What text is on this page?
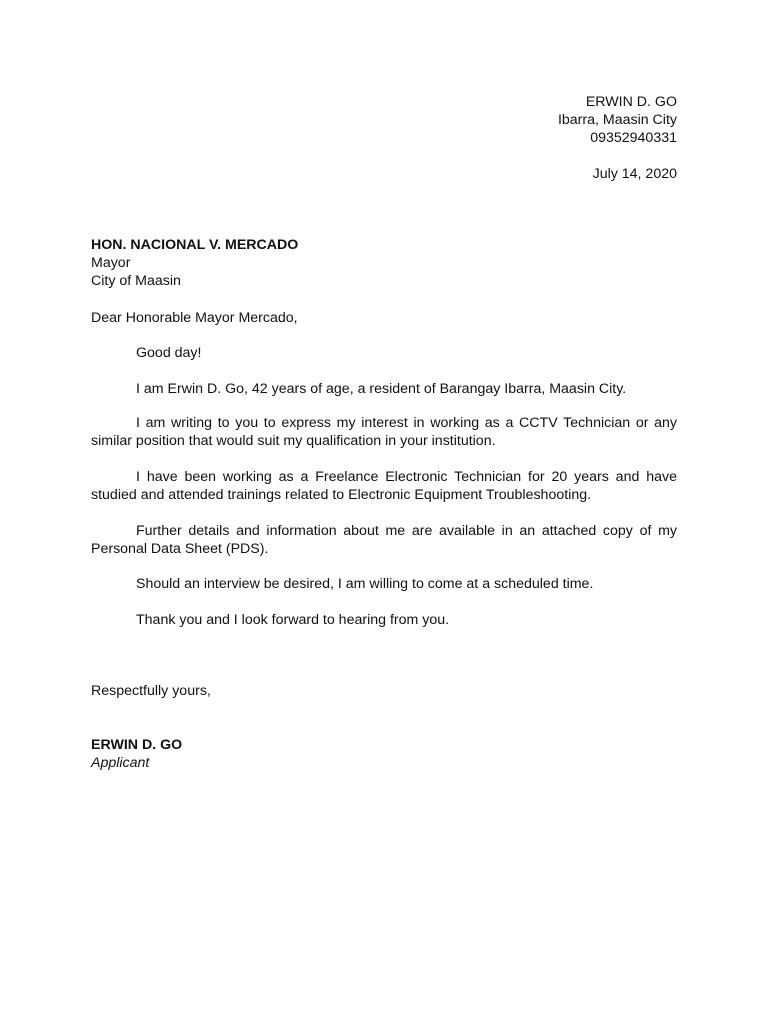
ERWIN D. GO
Ibarra, Maasin City
09352940331
July 14, 2020
HON. NACIONAL V. MERCADO
Mayor
City of Maasin
Dear Honorable Mayor Mercado,
Good day!
I am Erwin D. Go, 42 years of age, a resident of Barangay Ibarra, Maasin City.
I am writing to you to express my interest in working as a CCTV Technician or any similar position that would suit my qualification in your institution.
I have been working as a Freelance Electronic Technician for 20 years and have studied and attended trainings related to Electronic Equipment Troubleshooting.
Further details and information about me are available in an attached copy of my Personal Data Sheet (PDS).
Should an interview be desired, I am willing to come at a scheduled time.
Thank you and I look forward to hearing from you.
Respectfully yours,
ERWIN D. GO
Applicant
